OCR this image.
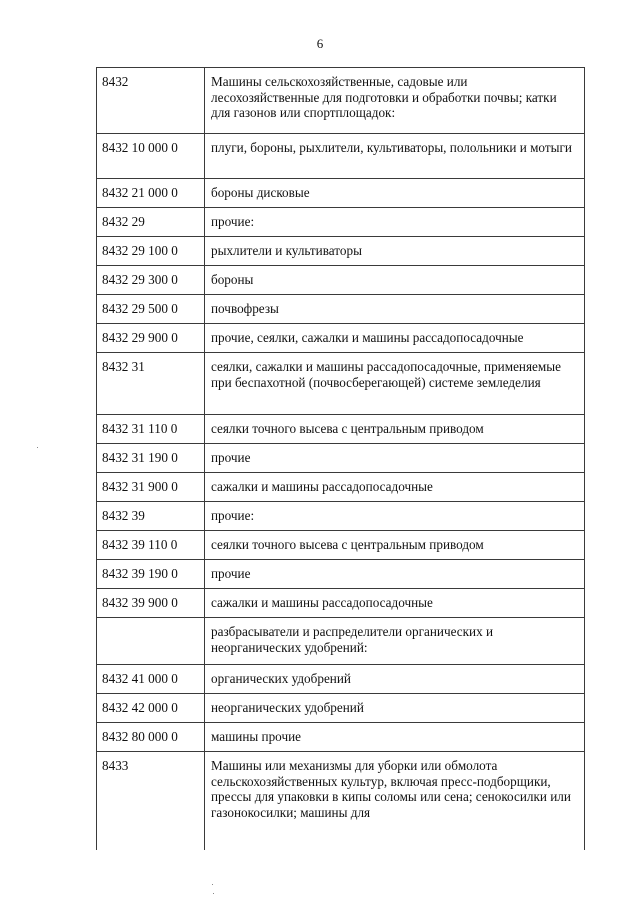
6
8432	Машины сельскохозяйственные, садовые или лесохозяйственные для подготовки и обработки почвы; катки для газонов или спортплощадок:
8432 10 000 0	плуги, бороны, рыхлители, культиваторы, полольники и мотыги
8432 21 000 0	бороны дисковые
8432 29	прочие:
8432 29 100 0	рыхлители и культиваторы
8432 29 300 0	бороны
8432 29 500 0	почвофрезы
8432 29 900 0	прочие, сеялки, сажалки и машины рассадопосадочные
8432 31	сеялки, сажалки и машины рассадопосадочные, применяемые при беспахотной (почвосберегающей) системе земледелия
8432 31 110 0	сеялки точного высева с центральным приводом
8432 31 190 0	прочие
8432 31 900 0	сажалки и машины рассадопосадочные
8432 39	прочие:
8432 39 110 0	сеялки точного высева с центральным приводом
8432 39 190 0	прочие
8432 39 900 0	сажалки и машины рассадопосадочные
	разбрасыватели и распределители органических и неорганических удобрений:
8432 41 000 0	органических удобрений
8432 42 000 0	неорганических удобрений
8432 80 000 0	машины прочие
8433	Машины или механизмы для уборки или обмолота сельскохозяйственных культур, включая пресс-подборщики, прессы для упаковки в кипы соломы или сена; сенокосилки или газонокосилки; машины для
